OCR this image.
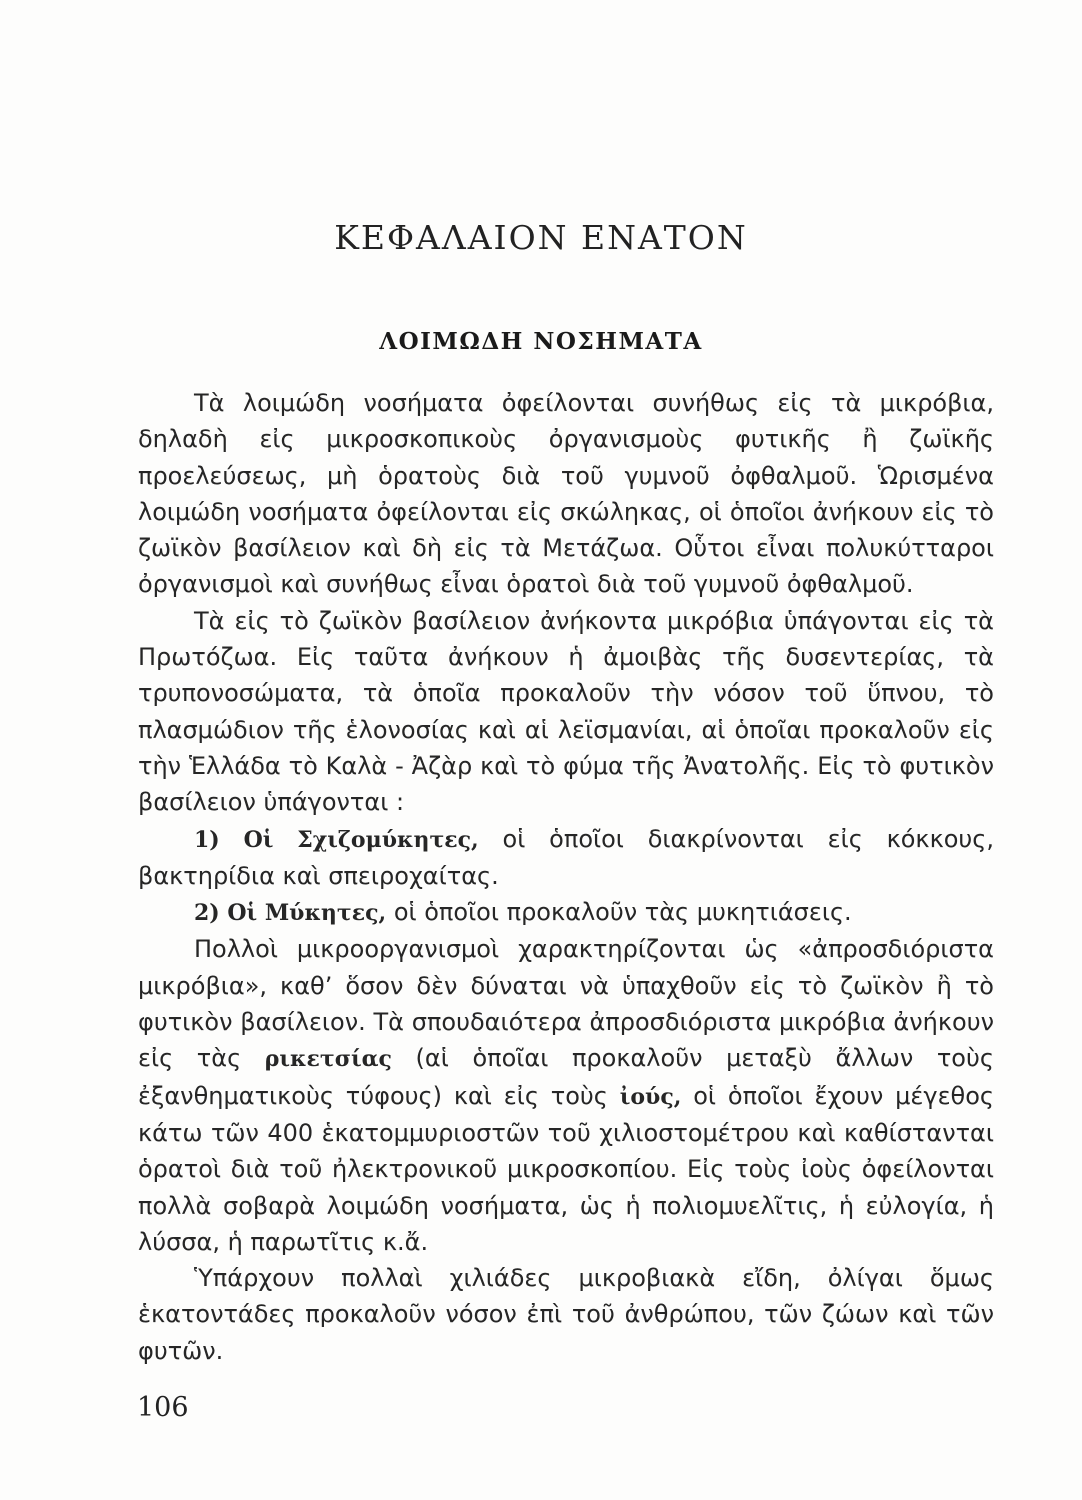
ΚΕΦΑΛΑΙΟΝ ΕΝΑΤΟΝ
ΛΟΙΜΩΔΗ ΝΟΣΗΜΑΤΑ

Τὰ λοιμώδη νοσήματα ὀφείλονται συνήθως εἰς τὰ μικρόβια, δηλαδὴ εἰς μικροσκοπικοὺς ὀργανισμοὺς φυτικῆς ἢ ζωϊκῆς προελεύσεως, μὴ ὁρατοὺς διὰ τοῦ γυμνοῦ ὀφθαλμοῦ. Ὡρισμένα λοιμώδη νοσήματα ὀφείλονται εἰς σκώληκας, οἱ ὁποῖοι ἀνήκουν εἰς τὸ ζωϊκὸν βασίλειον καὶ δὴ εἰς τὰ Μετάζωα. Οὗτοι εἶναι πολυκύτταροι ὀργανισμοὶ καὶ συνήθως εἶναι ὁρατοὶ διὰ τοῦ γυμνοῦ ὀφθαλμοῦ.

Τὰ εἰς τὸ ζωϊκὸν βασίλειον ἀνήκοντα μικρόβια ὑπάγονται εἰς τὰ Πρωτόζωα. Εἰς ταῦτα ἀνήκουν ἡ ἀμοιβὰς τῆς δυσεντερίας, τὰ τρυπονοσώματα, τὰ ὁποῖα προκαλοῦν τὴν νόσον τοῦ ὕπνου, τὸ πλασμώδιον τῆς ἑλονοσίας καὶ αἱ λεϊσμανίαι, αἱ ὁποῖαι προκαλοῦν εἰς τὴν Ἑλλάδα τὸ Καλὰ - Ἀζὰρ καὶ τὸ φύμα τῆς Ἀνατολῆς. Εἰς τὸ φυτικὸν βασίλειον ὑπάγονται :

1) Οἱ Σχιζομύκητες, οἱ ὁποῖοι διακρίνονται εἰς κόκκους, βακτηρίδια καὶ σπειροχαίτας.

2) Οἱ Μύκητες, οἱ ὁποῖοι προκαλοῦν τὰς μυκητιάσεις.

Πολλοὶ μικροοργανισμοὶ χαρακτηρίζονται ὡς «ἀπροσδιόριστα μικρόβια», καθ’ ὅσον δὲν δύναται νὰ ὑπαχθοῦν εἰς τὸ ζωϊκὸν ἢ τὸ φυτικὸν βασίλειον. Τὰ σπουδαιότερα ἀπροσδιόριστα μικρόβια ἀνήκουν εἰς τὰς ρικετσίας (αἱ ὁποῖαι προκαλοῦν μεταξὺ ἄλλων τοὺς ἐξανθηματικοὺς τύφους) καὶ εἰς τοὺς ἰούς, οἱ ὁποῖοι ἔχουν μέγεθος κάτω τῶν 400 ἑκατομμυριοστῶν τοῦ χιλιοστομέτρου καὶ καθίστανται ὁρατοὶ διὰ τοῦ ἠλεκτρονικοῦ μικροσκοπίου. Εἰς τοὺς ἰοὺς ὀφείλονται πολλὰ σοβαρὰ λοιμώδη νοσήματα, ὡς ἡ πολιομυελῖτις, ἡ εὐλογία, ἡ λύσσα, ἡ παρωτῖτις κ.ἄ.

Ὑπάρχουν πολλαὶ χιλιάδες μικροβιακὰ εἴδη, ὀλίγαι ὅμως ἑκατοντάδες προκαλοῦν νόσον ἐπὶ τοῦ ἀνθρώπου, τῶν ζώων καὶ τῶν φυτῶν.

106
